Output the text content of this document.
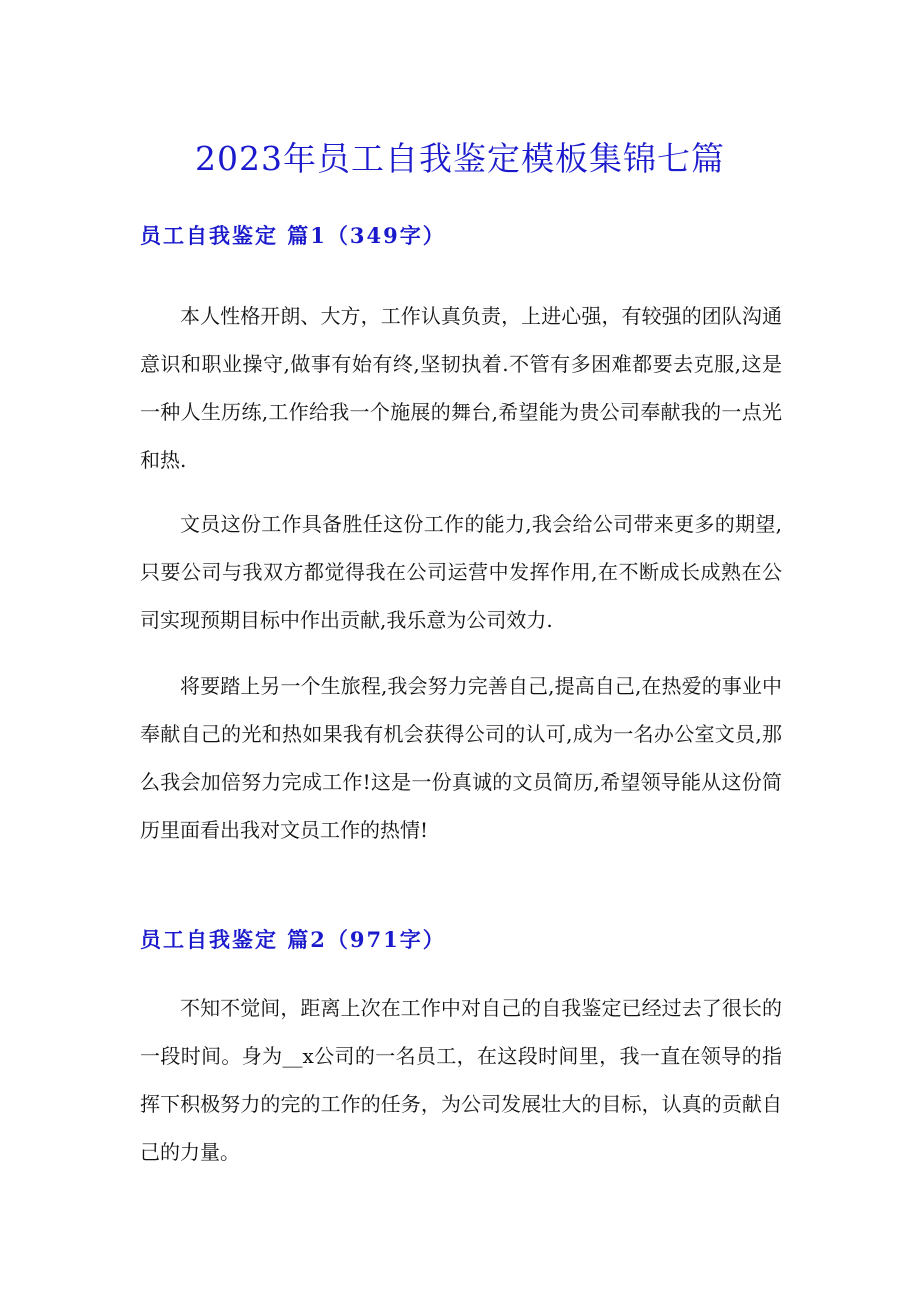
2023年员工自我鉴定模板集锦七篇
员工自我鉴定 篇1（349字）

本人性格开朗、大方，工作认真负责，上进心强，有较强的团队沟通意识和职业操守,做事有始有终,坚韧执着.不管有多困难都要去克服,这是一种人生历练,工作给我一个施展的舞台,希望能为贵公司奉献我的一点光和热.

文员这份工作具备胜任这份工作的能力,我会给公司带来更多的期望,只要公司与我双方都觉得我在公司运营中发挥作用,在不断成长成熟在公司实现预期目标中作出贡献,我乐意为公司效力.

将要踏上另一个生旅程,我会努力完善自己,提高自己,在热爱的事业中奉献自己的光和热如果我有机会获得公司的认可,成为一名办公室文员,那么我会加倍努力完成工作!这是一份真诚的文员简历,希望领导能从这份简历里面看出我对文员工作的热情!

员工自我鉴定 篇2（971字）

不知不觉间，距离上次在工作中对自己的自我鉴定已经过去了很长的一段时间。身为__x公司的一名员工，在这段时间里，我一直在领导的指挥下积极努力的完的工作的任务，为公司发展壮大的目标，认真的贡献自己的力量。
